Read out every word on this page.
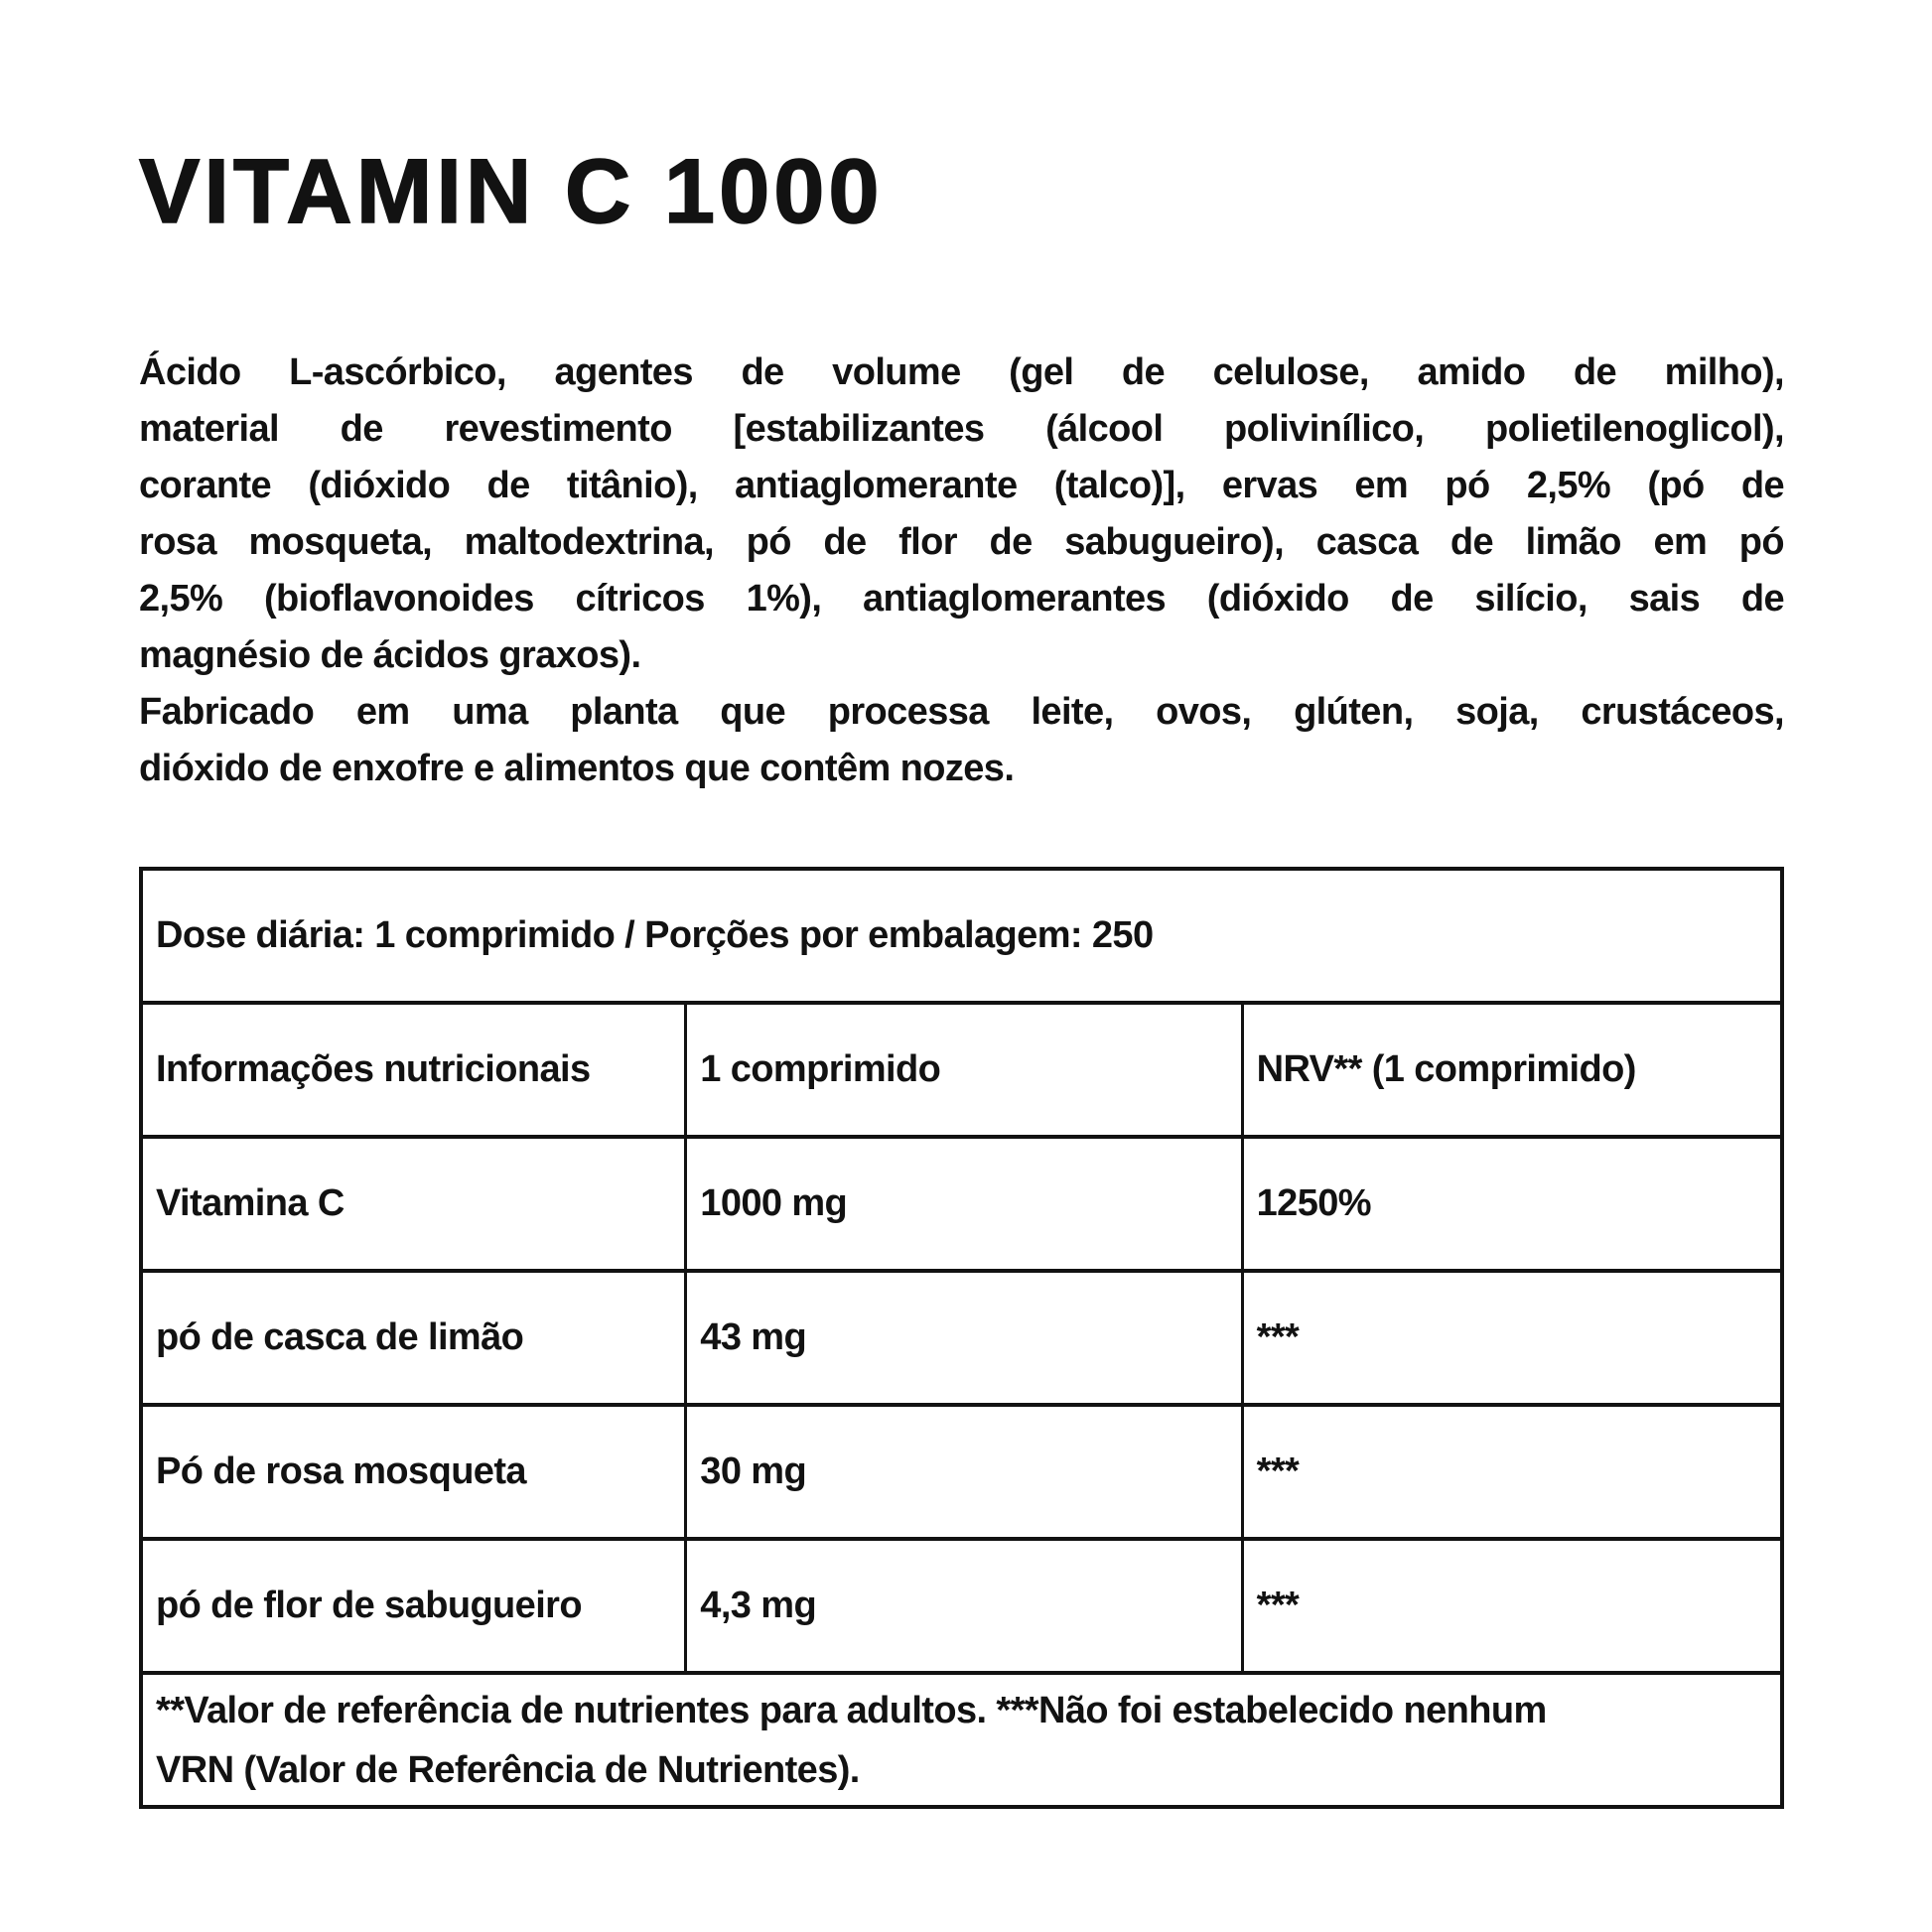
VITAMIN C 1000
Ácido L-ascórbico, agentes de volume (gel de celulose, amido de milho),
material de revestimento [estabilizantes (álcool polivinílico, polietilenoglicol),
corante (dióxido de titânio), antiaglomerante (talco)], ervas em pó 2,5% (pó de
rosa mosqueta, maltodextrina, pó de flor de sabugueiro), casca de limão em pó
2,5% (bioflavonoides cítricos 1%), antiaglomerantes (dióxido de silício, sais de
magnésio de ácidos graxos).
Fabricado em uma planta que processa leite, ovos, glúten, soja, crustáceos,
dióxido de enxofre e alimentos que contêm nozes.
Dose diária: 1 comprimido / Porções por embalagem: 250		
Informações nutricionais	1 comprimido	NRV** (1 comprimido)
Vitamina C	1000 mg	1250%
pó de casca de limão	43 mg	***
Pó de rosa mosqueta	30 mg	***
pó de flor de sabugueiro	4,3 mg	***

**Valor de referência de nutrientes para adultos. ***Não foi estabelecido nenhum
VRN (Valor de Referência de Nutrientes).		
